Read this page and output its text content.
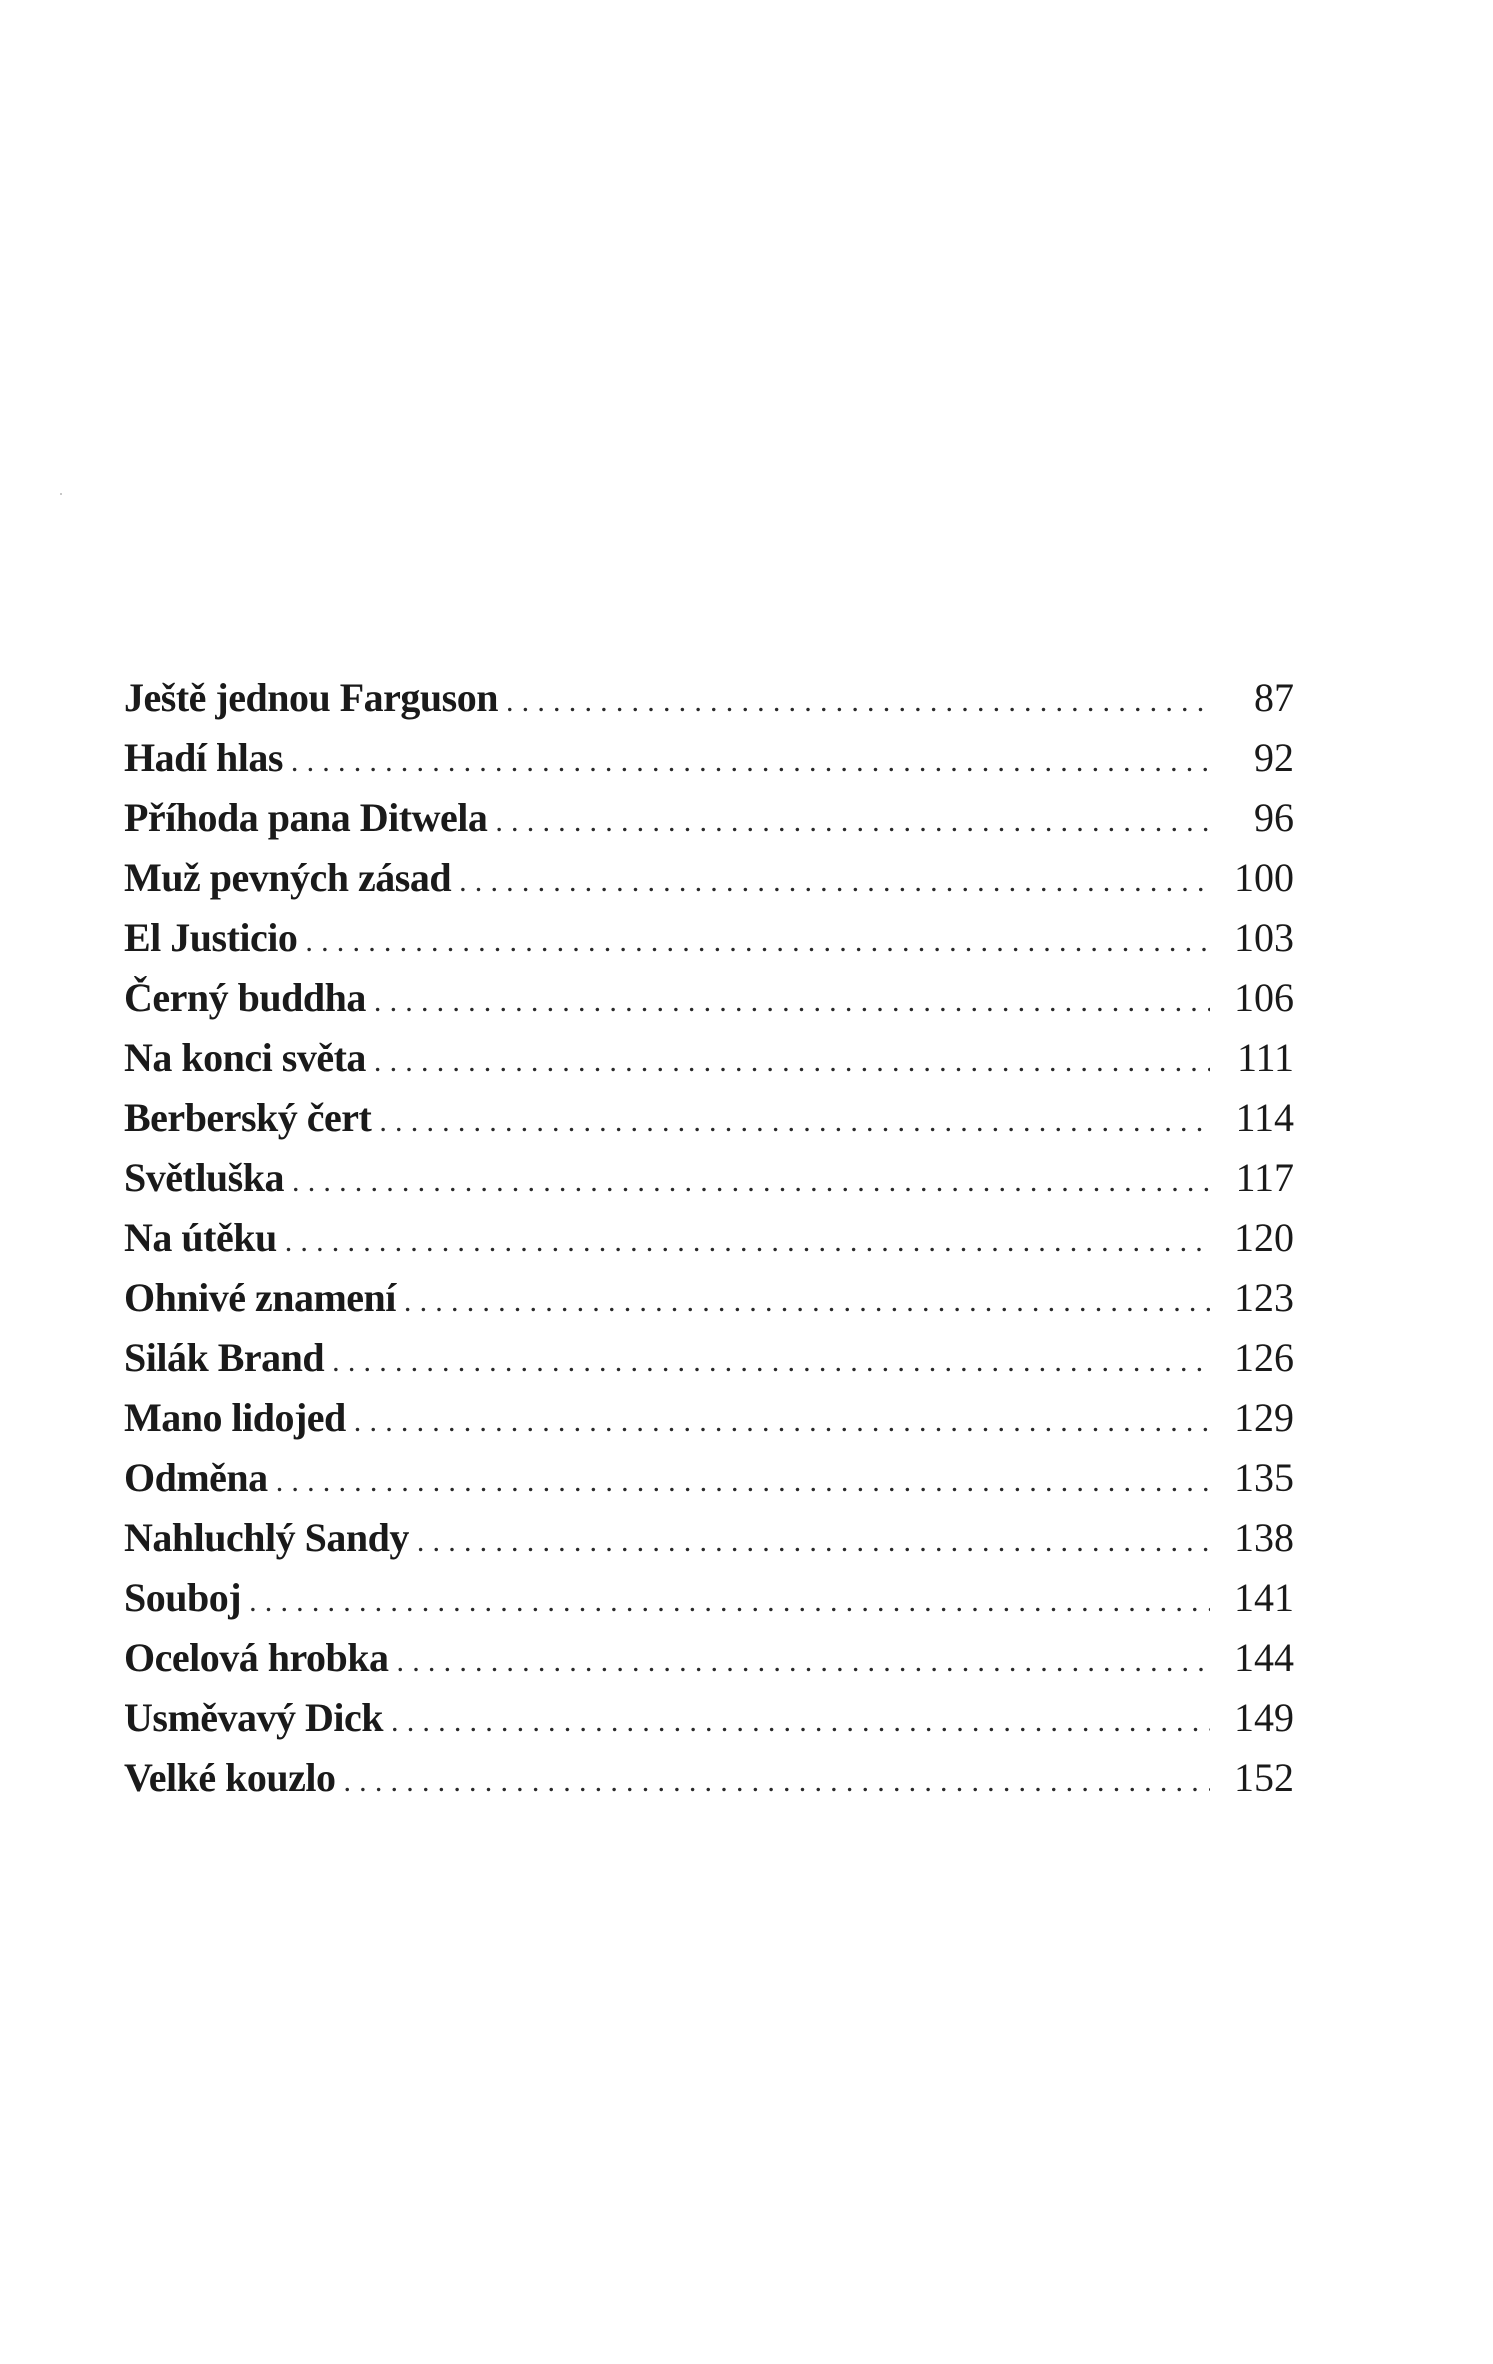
Ještě jednou Farguson .....	87
Hadí hlas .....	92
Příhoda pana Ditwela .....	96
Muž pevných zásad .....	100
El Justicio .....	103
Černý buddha .....	106
Na konci světa .....	111
Berberský čert .....	114
Světluška .....	117
Na útěku .....	120
Ohnivé znamení .....	123
Silák Brand .....	126
Mano lidojed .....	129
Odměna .....	135
Nahluchlý Sandy .....	138
Souboj .....	141
Ocelová hrobka .....	144
Usměvavý Dick .....	149
Velké kouzlo .....	152
